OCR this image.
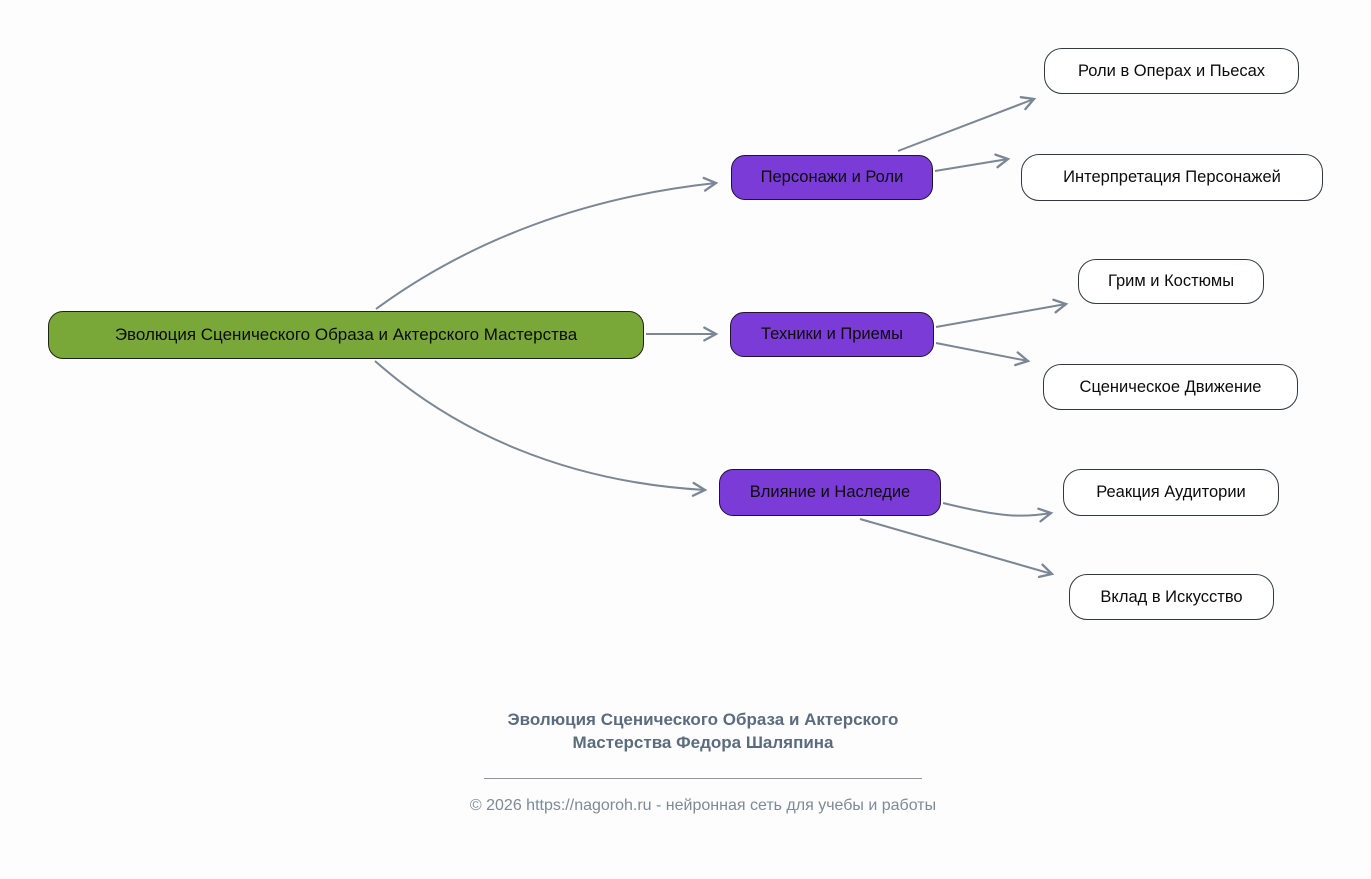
Эволюция Сценического Образа и Актерского Мастерства
Персонажи и Роли
Роли в Операх и Пьесах
Интерпретация Персонажей
Техники и Приемы
Грим и Костюмы
Сценическое Движение
Влияние и Наследие	Реакция Аудитории
Вклад в Искусство
Эволюция Сценического Образа и Актерского
Мастерства Федора Шаляпина
© 2026 https://nagoroh.ru - нейронная сеть для учебы и работы
